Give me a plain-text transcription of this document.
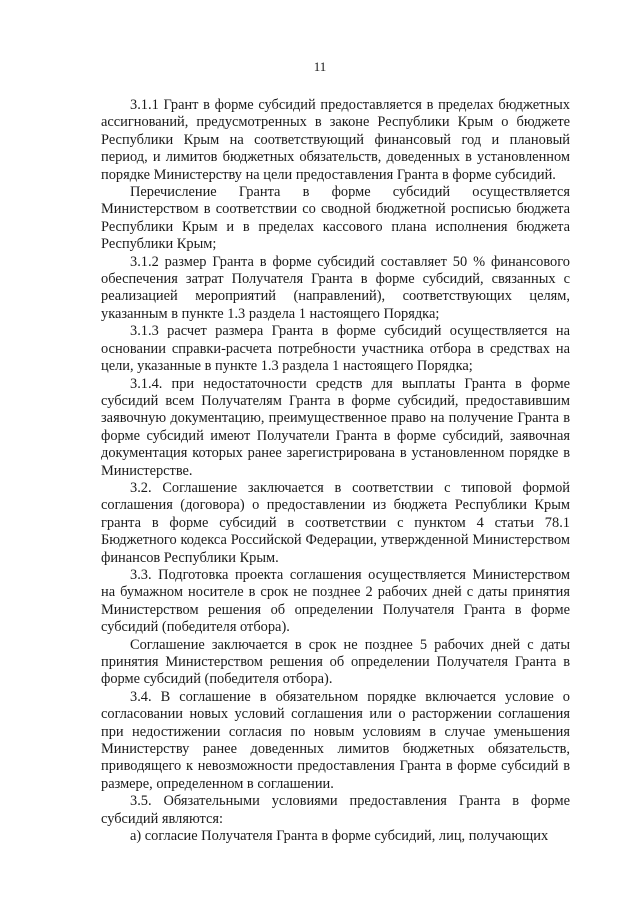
11

3.1.1 Грант в форме субсидий предоставляется в пределах бюджетных ассигнований, предусмотренных в законе Республики Крым о бюджете Республики Крым на соответствующий финансовый год и плановый период, и лимитов бюджетных обязательств, доведенных в установленном порядке Министерству на цели предоставления Гранта в форме субсидий.

Перечисление Гранта в форме субсидий осуществляется Министерством в соответствии со сводной бюджетной росписью бюджета Республики Крым и в пределах кассового плана исполнения бюджета Республики Крым;

3.1.2 размер Гранта в форме субсидий составляет 50 % финансового обеспечения затрат Получателя Гранта в форме субсидий, связанных с реализацией мероприятий (направлений), соответствующих целям, указанным в пункте 1.3 раздела 1 настоящего Порядка;

3.1.3 расчет размера Гранта в форме субсидий осуществляется на основании справки-расчета потребности участника отбора в средствах на цели, указанные в пункте 1.3 раздела 1 настоящего Порядка;

3.1.4. при недостаточности средств для выплаты Гранта в форме субсидий всем Получателям Гранта в форме субсидий, предоставившим заявочную документацию, преимущественное право на получение Гранта в форме субсидий имеют Получатели Гранта в форме субсидий, заявочная документация которых ранее зарегистрирована в установленном порядке в Министерстве.

3.2. Соглашение заключается в соответствии с типовой формой соглашения (договора) о предоставлении из бюджета Республики Крым гранта в форме субсидий в соответствии с пунктом 4 статьи 78.1 Бюджетного кодекса Российской Федерации, утвержденной Министерством финансов Республики Крым.

3.3. Подготовка проекта соглашения осуществляется Министерством на бумажном носителе в срок не позднее 2 рабочих дней с даты принятия Министерством решения об определении Получателя Гранта в форме субсидий (победителя отбора).

Соглашение заключается в срок не позднее 5 рабочих дней с даты принятия Министерством решения об определении Получателя Гранта в форме субсидий (победителя отбора).

3.4. В соглашение в обязательном порядке включается условие о согласовании новых условий соглашения или о расторжении соглашения при недостижении согласия по новым условиям в случае уменьшения Министерству ранее доведенных лимитов бюджетных обязательств, приводящего к невозможности предоставления Гранта в форме субсидий в размере, определенном в соглашении.

3.5. Обязательными условиями предоставления Гранта в форме субсидий являются:

а) согласие Получателя Гранта в форме субсидий, лиц, получающих
